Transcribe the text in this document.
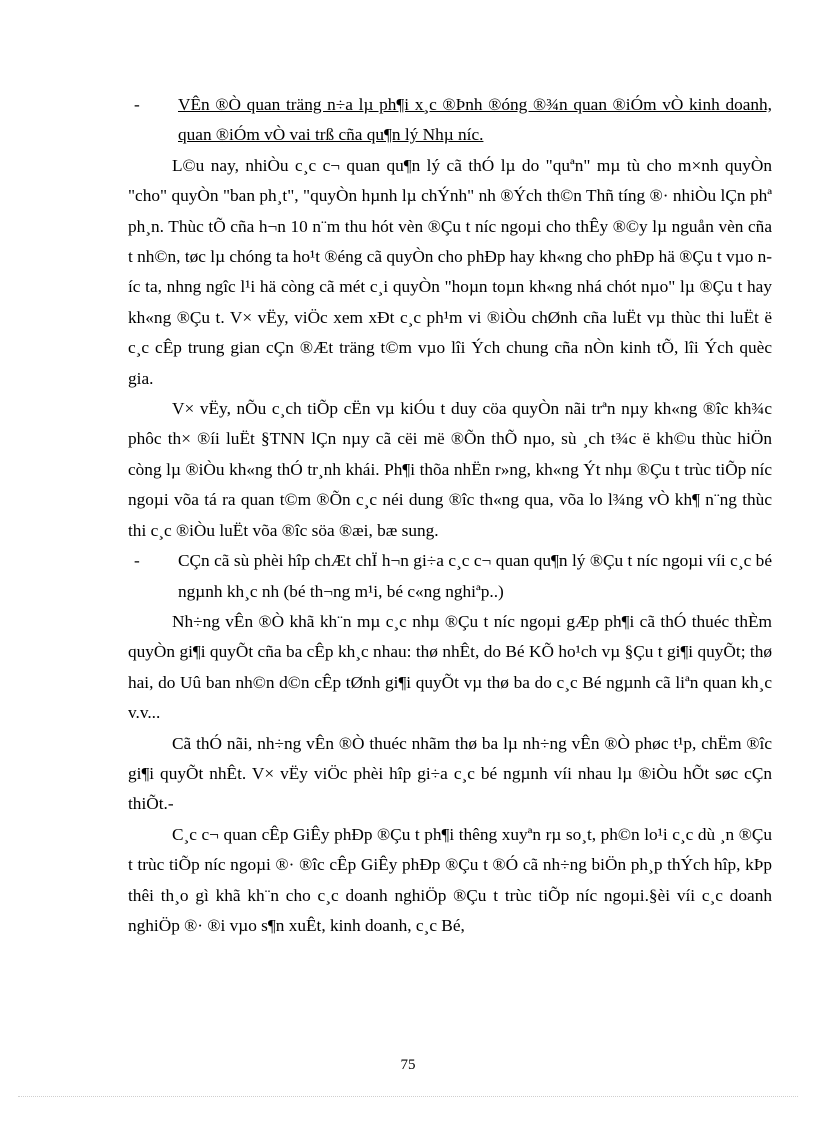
- VÊn ®Ò quan träng n÷a lµ ph¶i x¸c ®Þnh ®óng ®¾n quan ®iÓm vÒ kinh doanh, quan ®iÓm vÒ vai trß cña qu¶n lý Nhµ níc.

L©u nay, nhiÒu c¸c c¬ quan qu¶n lý cã thÓ lµ do "quªn" mµ tù cho m×nh quyÒn "cho" quyÒn "ban ph¸t", "quyÒn hµnh lµ chÝnh" nh ®Ých th©n Thñ tíng ®· nhiÒu lÇn phª ph¸n. Thùc tÕ cña h¬n 10 n¨m thu hót vèn ®Çu t níc ngoµi cho thÊy ®©y lµ nguån vèn cña t nh©n, tøc lµ chóng ta ho¹t ®éng cã quyÒn cho phÐp hay kh«ng cho phÐp hä ®Çu t vµo níc ta, nhng ngîc l¹i hä còng cã mét c¸i quyÒn "hoµn toµn kh«ng nhá chót nµo" lµ ®Çu t hay kh«ng ®Çu t. V× vËy, viÖc xem xÐt c¸c ph¹m vi ®iÒu chØnh cña luËt vµ thùc thi luËt ë c¸c cÊp trung gian cÇn ®Æt träng t©m vµo lîi Ých chung cña nÒn kinh tÕ, lîi Ých quèc gia.

V× vËy, nÕu c¸ch tiÕp cËn vµ kiÓu t duy cöa quyÒn nãi trªn nµy kh«ng ®îc kh¾c phôc th× ®íi luËt §TNN lÇn nµy cã cëi më ®Õn thÕ nµo, sù ¸ch t¾c ë kh©u thùc hiÖn còng lµ ®iÒu kh«ng thÓ tr¸nh khái. Ph¶i thõa nhËn r»ng, kh«ng Ýt nhµ ®Çu t trùc tiÕp níc ngoµi võa tá ra quan t©m ®Õn c¸c néi dung ®îc th«ng qua, võa lo l¾ng vÒ kh¶ n¨ng thùc thi c¸c ®iÒu luËt võa ®îc söa ®æi, bæ sung.

- CÇn cã sù phèi hîp chÆt chÏ h¬n gi÷a c¸c c¬ quan qu¶n lý ®Çu t níc ngoµi víi c¸c bé ngµnh kh¸c nh (bé th¬ng m¹i, bé c«ng nghiªp..)

Nh÷ng vÊn ®Ò khã kh¨n mµ c¸c nhµ ®Çu t níc ngoµi gÆp ph¶i cã thÓ thuéc thÈm quyÒn gi¶i quyÕt cña ba cÊp kh¸c nhau: thø nhÊt, do Bé KÕ ho¹ch vµ §Çu t gi¶i quyÕt; thø hai, do Uû ban nh©n d©n cÊp tØnh gi¶i quyÕt vµ thø ba do c¸c Bé ngµnh cã liªn quan kh¸c v.v...

Cã thÓ nãi, nh÷ng vÊn ®Ò thuéc nhãm thø ba lµ nh÷ng vÊn ®Ò phøc t¹p, chËm ®îc gi¶i quyÕt nhÊt. V× vËy viÖc phèi hîp gi÷a c¸c bé ngµnh víi nhau lµ ®iÒu hÕt søc cÇn thiÕt.-

C¸c c¬ quan cÊp GiÊy phÐp ®Çu t ph¶i thêng xuyªn rµ so¸t, ph©n lo¹i c¸c dù ¸n ®Çu t trùc tiÕp níc ngoµi ®· ®îc cÊp GiÊy phÐp ®Çu t ®Ó cã nh÷ng biÖn ph¸p thÝch hîp, kÞp thêi th¸o gì khã kh¨n cho c¸c doanh nghiÖp ®Çu t trùc tiÕp níc ngoµi.§èi víi c¸c doanh nghiÖp ®· ®i vµo s¶n xuÊt, kinh doanh, c¸c Bé,

75
